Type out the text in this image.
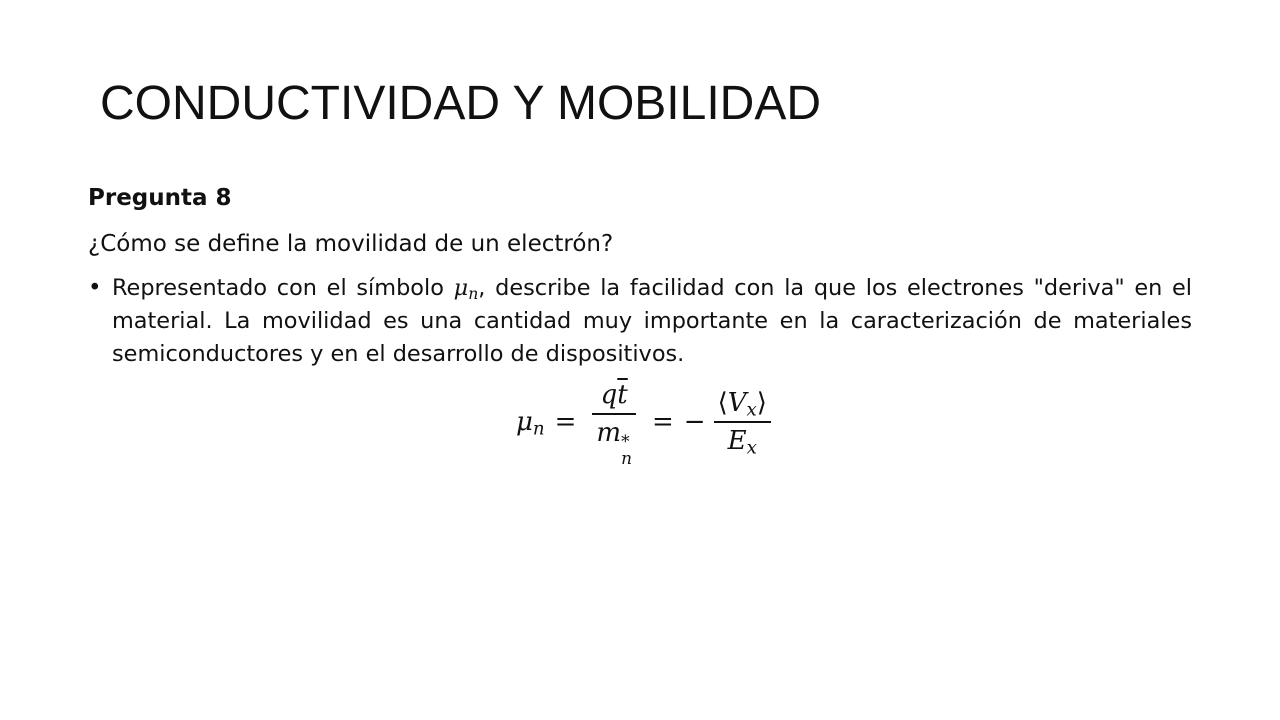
CONDUCTIVIDAD Y MOBILIDAD
Pregunta 8
¿Cómo se define la movilidad de un electrón?
• Representado con el símbolo $\mu_n$, describe la facilidad con la que los electrones "deriva" en el material. La movilidad es una cantidad muy importante en la caracterización de materiales semiconductores y en el desarrollo de dispositivos.
$\mu_n = q\overline{t}$
m *
n = − $\frac{⟨V_x⟩}{E_x}$
